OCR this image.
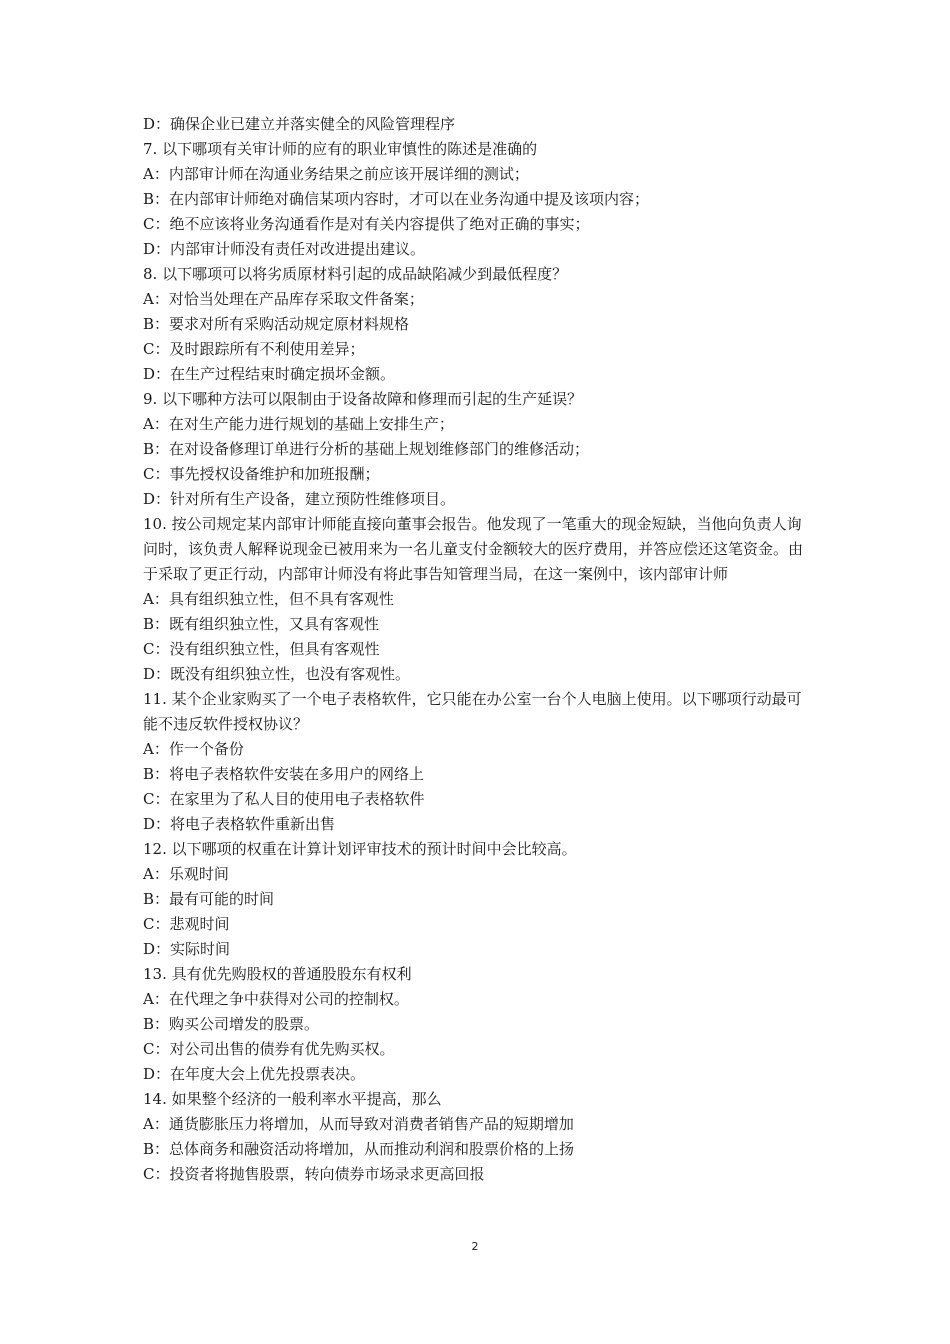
D：确保企业已建立并落实健全的风险管理程序
7. 以下哪项有关审计师的应有的职业审慎性的陈述是准确的
A：内部审计师在沟通业务结果之前应该开展详细的测试；
B：在内部审计师绝对确信某项内容时，才可以在业务沟通中提及该项内容；
C：绝不应该将业务沟通看作是对有关内容提供了绝对正确的事实；
D：内部审计师没有责任对改进提出建议。
8. 以下哪项可以将劣质原材料引起的成品缺陷减少到最低程度？
A：对恰当处理在产品库存采取文件备案；
B：要求对所有采购活动规定原材料规格
C：及时跟踪所有不利使用差异；
D：在生产过程结束时确定损坏金额。
9. 以下哪种方法可以限制由于设备故障和修理而引起的生产延误？
A：在对生产能力进行规划的基础上安排生产；
B：在对设备修理订单进行分析的基础上规划维修部门的维修活动；
C：事先授权设备维护和加班报酬；
D：针对所有生产设备，建立预防性维修项目。
10. 按公司规定某内部审计师能直接向董事会报告。他发现了一笔重大的现金短缺，当他向负责人询问时，该负责人解释说现金已被用来为一名儿童支付金额较大的医疗费用，并答应偿还这笔资金。由于采取了更正行动，内部审计师没有将此事告知管理当局，在这一案例中，该内部审计师
A：具有组织独立性，但不具有客观性
B：既有组织独立性，又具有客观性
C：没有组织独立性，但具有客观性
D：既没有组织独立性，也没有客观性。
11. 某个企业家购买了一个电子表格软件，它只能在办公室一台个人电脑上使用。以下哪项行动最可能不违反软件授权协议？
A：作一个备份
B：将电子表格软件安装在多用户的网络上
C：在家里为了私人目的使用电子表格软件
D：将电子表格软件重新出售
12. 以下哪项的权重在计算计划评审技术的预计时间中会比较高。
A：乐观时间
B：最有可能的时间
C：悲观时间
D：实际时间
13. 具有优先购股权的普通股股东有权利
A：在代理之争中获得对公司的控制权。
B：购买公司增发的股票。
C：对公司出售的债券有优先购买权。
D：在年度大会上优先投票表决。
14. 如果整个经济的一般利率水平提高，那么
A：通货膨胀压力将增加，从而导致对消费者销售产品的短期增加
B：总体商务和融资活动将增加，从而推动利润和股票价格的上扬
C：投资者将抛售股票，转向债券市场录求更高回报
2
